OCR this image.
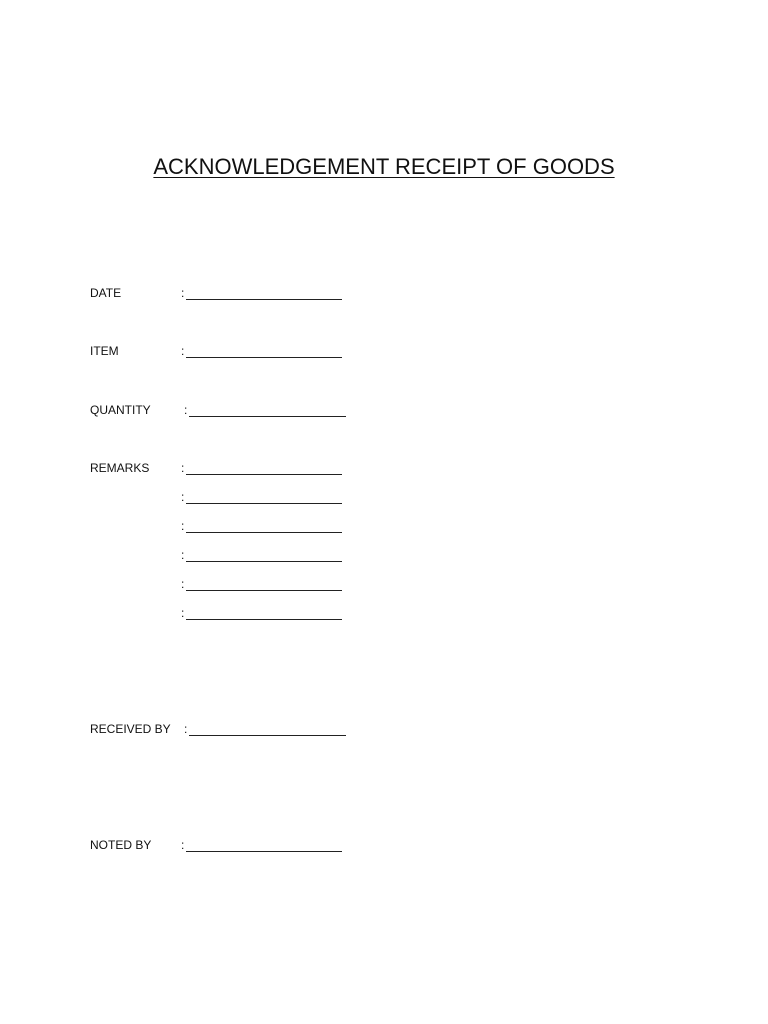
ACKNOWLEDGEMENT RECEIPT OF GOODS
DATE	:
ITEM	:
QUANTITY	:
REMARKS	:
:
:
:
:
:
RECEIVED BY :
NOTED BY :
